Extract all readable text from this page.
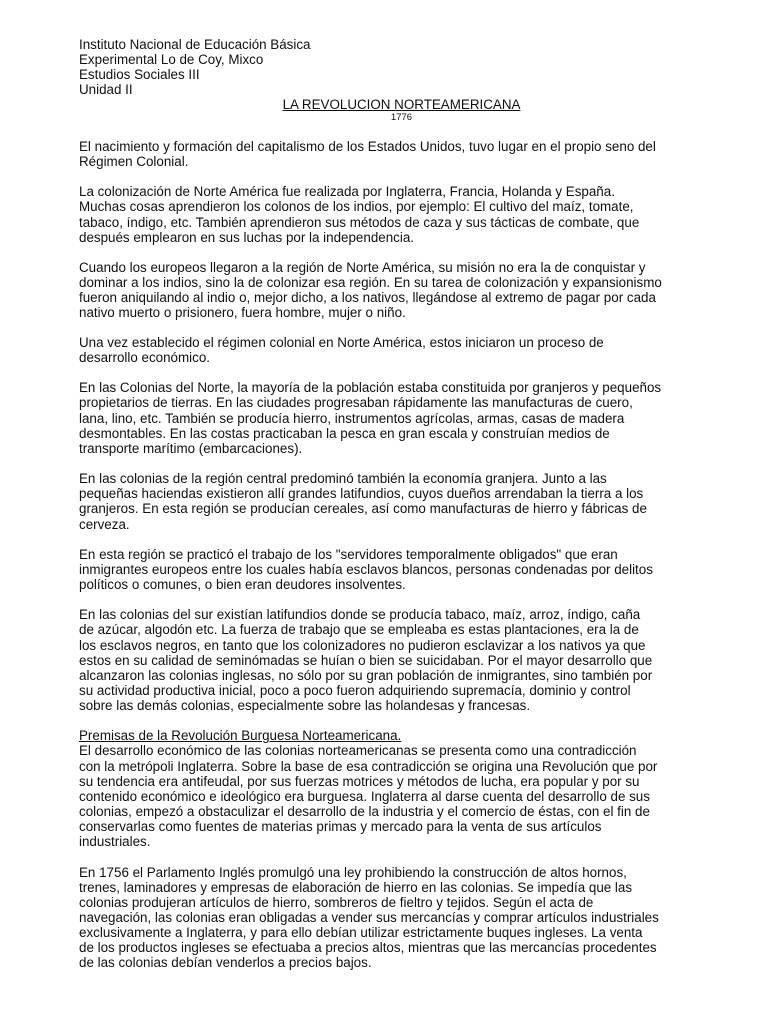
Instituto Nacional de Educación Básica
Experimental Lo de Coy, Mixco
Estudios Sociales III
Unidad II
LA REVOLUCION NORTEAMERICANA
1776
El nacimiento y formación del capitalismo de los Estados Unidos, tuvo lugar en el propio seno del
Régimen Colonial.
La colonización de Norte América fue realizada por Inglaterra, Francia, Holanda y España.
Muchas cosas aprendieron los colonos de los indios, por ejemplo: El cultivo del maíz, tomate,
tabaco, índigo, etc. También aprendieron sus métodos de caza y sus tácticas de combate, que
después emplearon en sus luchas por la independencia.
Cuando los europeos llegaron a la región de Norte América, su misión no era la de conquistar y
dominar a los indios, sino la de colonizar esa región. En su tarea de colonización y expansionismo
fueron aniquilando al indio o, mejor dicho, a los nativos, llegándose al extremo de pagar por cada
nativo muerto o prisionero, fuera hombre, mujer o niño.
Una vez establecido el régimen colonial en Norte América, estos iniciaron un proceso de
desarrollo económico.
En las Colonias del Norte, la mayoría de la población estaba constituida por granjeros y pequeños
propietarios de tierras. En las ciudades progresaban rápidamente las manufacturas de cuero,
lana, lino, etc. También se producía hierro, instrumentos agrícolas, armas, casas de madera
desmontables. En las costas practicaban la pesca en gran escala y construían medios de
transporte marítimo (embarcaciones).
En las colonias de la región central predominó también la economía granjera. Junto a las
pequeñas haciendas existieron allí grandes latifundios, cuyos dueños arrendaban la tierra a los
granjeros. En esta región se producían cereales, así como manufacturas de hierro y fábricas de
cerveza.
En esta región se practicó el trabajo de los "servidores temporalmente obligados" que eran
inmigrantes europeos entre los cuales había esclavos blancos, personas condenadas por delitos
políticos o comunes, o bien eran deudores insolventes.
En las colonias del sur existían latifundios donde se producía tabaco, maíz, arroz, índigo, caña
de azúcar, algodón etc. La fuerza de trabajo que se empleaba es estas plantaciones, era la de
los esclavos negros, en tanto que los colonizadores no pudieron esclavizar a los nativos ya que
estos en su calidad de seminómadas se huían o bien se suicidaban. Por el mayor desarrollo que
alcanzaron las colonias inglesas, no sólo por su gran población de inmigrantes, sino también por
su actividad productiva inicial, poco a poco fueron adquiriendo supremacía, dominio y control
sobre las demás colonias, especialmente sobre las holandesas y francesas.
Premisas de la Revolución Burguesa Norteamericana.
El desarrollo económico de las colonias norteamericanas se presenta como una contradicción
con la metrópoli Inglaterra. Sobre la base de esa contradicción se origina una Revolución que por
su tendencia era antifeudal, por sus fuerzas motrices y métodos de lucha, era popular y por su
contenido económico e ideológico era burguesa. Inglaterra al darse cuenta del desarrollo de sus
colonias, empezó a obstaculizar el desarrollo de la industria y el comercio de éstas, con el fin de
conservarlas como fuentes de materias primas y mercado para la venta de sus artículos
industriales.
En 1756 el Parlamento Inglés promulgó una ley prohibiendo la construcción de altos hornos,
trenes, laminadores y empresas de elaboración de hierro en las colonias. Se impedía que las
colonias produjeran artículos de hierro, sombreros de fieltro y tejidos. Según el acta de
navegación, las colonias eran obligadas a vender sus mercancías y comprar artículos industriales
exclusivamente a Inglaterra, y para ello debían utilizar estrictamente buques ingleses. La venta
de los productos ingleses se efectuaba a precios altos, mientras que las mercancías procedentes
de las colonias debían venderlos a precios bajos.
